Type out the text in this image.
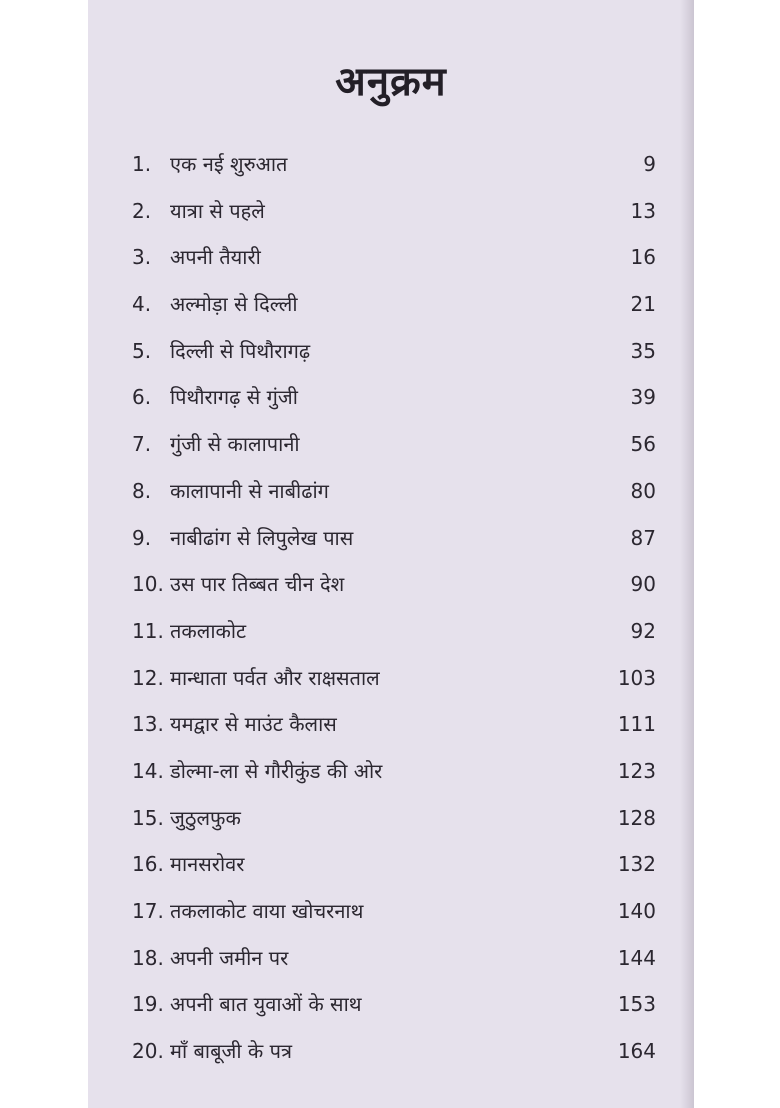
अनुक्रम
1. एक नई शुरुआत	9
2. यात्रा से पहले	13
3. अपनी तैयारी	16
4. अल्मोड़ा से दिल्ली	21
5. दिल्ली से पिथौरागढ़	35
6. पिथौरागढ़ से गुंजी	39
7. गुंजी से कालापानी	56
8. कालापानी से नाबीढांग	80
9. नाबीढांग से लिपुलेख पास	87
10. उस पार तिब्बत चीन देश	90
11. तकलाकोट	92
12. मान्धाता पर्वत और राक्षसताल	103
13. यमद्वार से माउंट कैलास	111
14. डोल्मा-ला से गौरीकुंड की ओर	123
15. जुठुलफुक	128
16. मानसरोवर	132
17. तकलाकोट वाया खोचरनाथ	140
18. अपनी जमीन पर	144
19. अपनी बात युवाओं के साथ	153
20. माँ बाबूजी के पत्र	164
